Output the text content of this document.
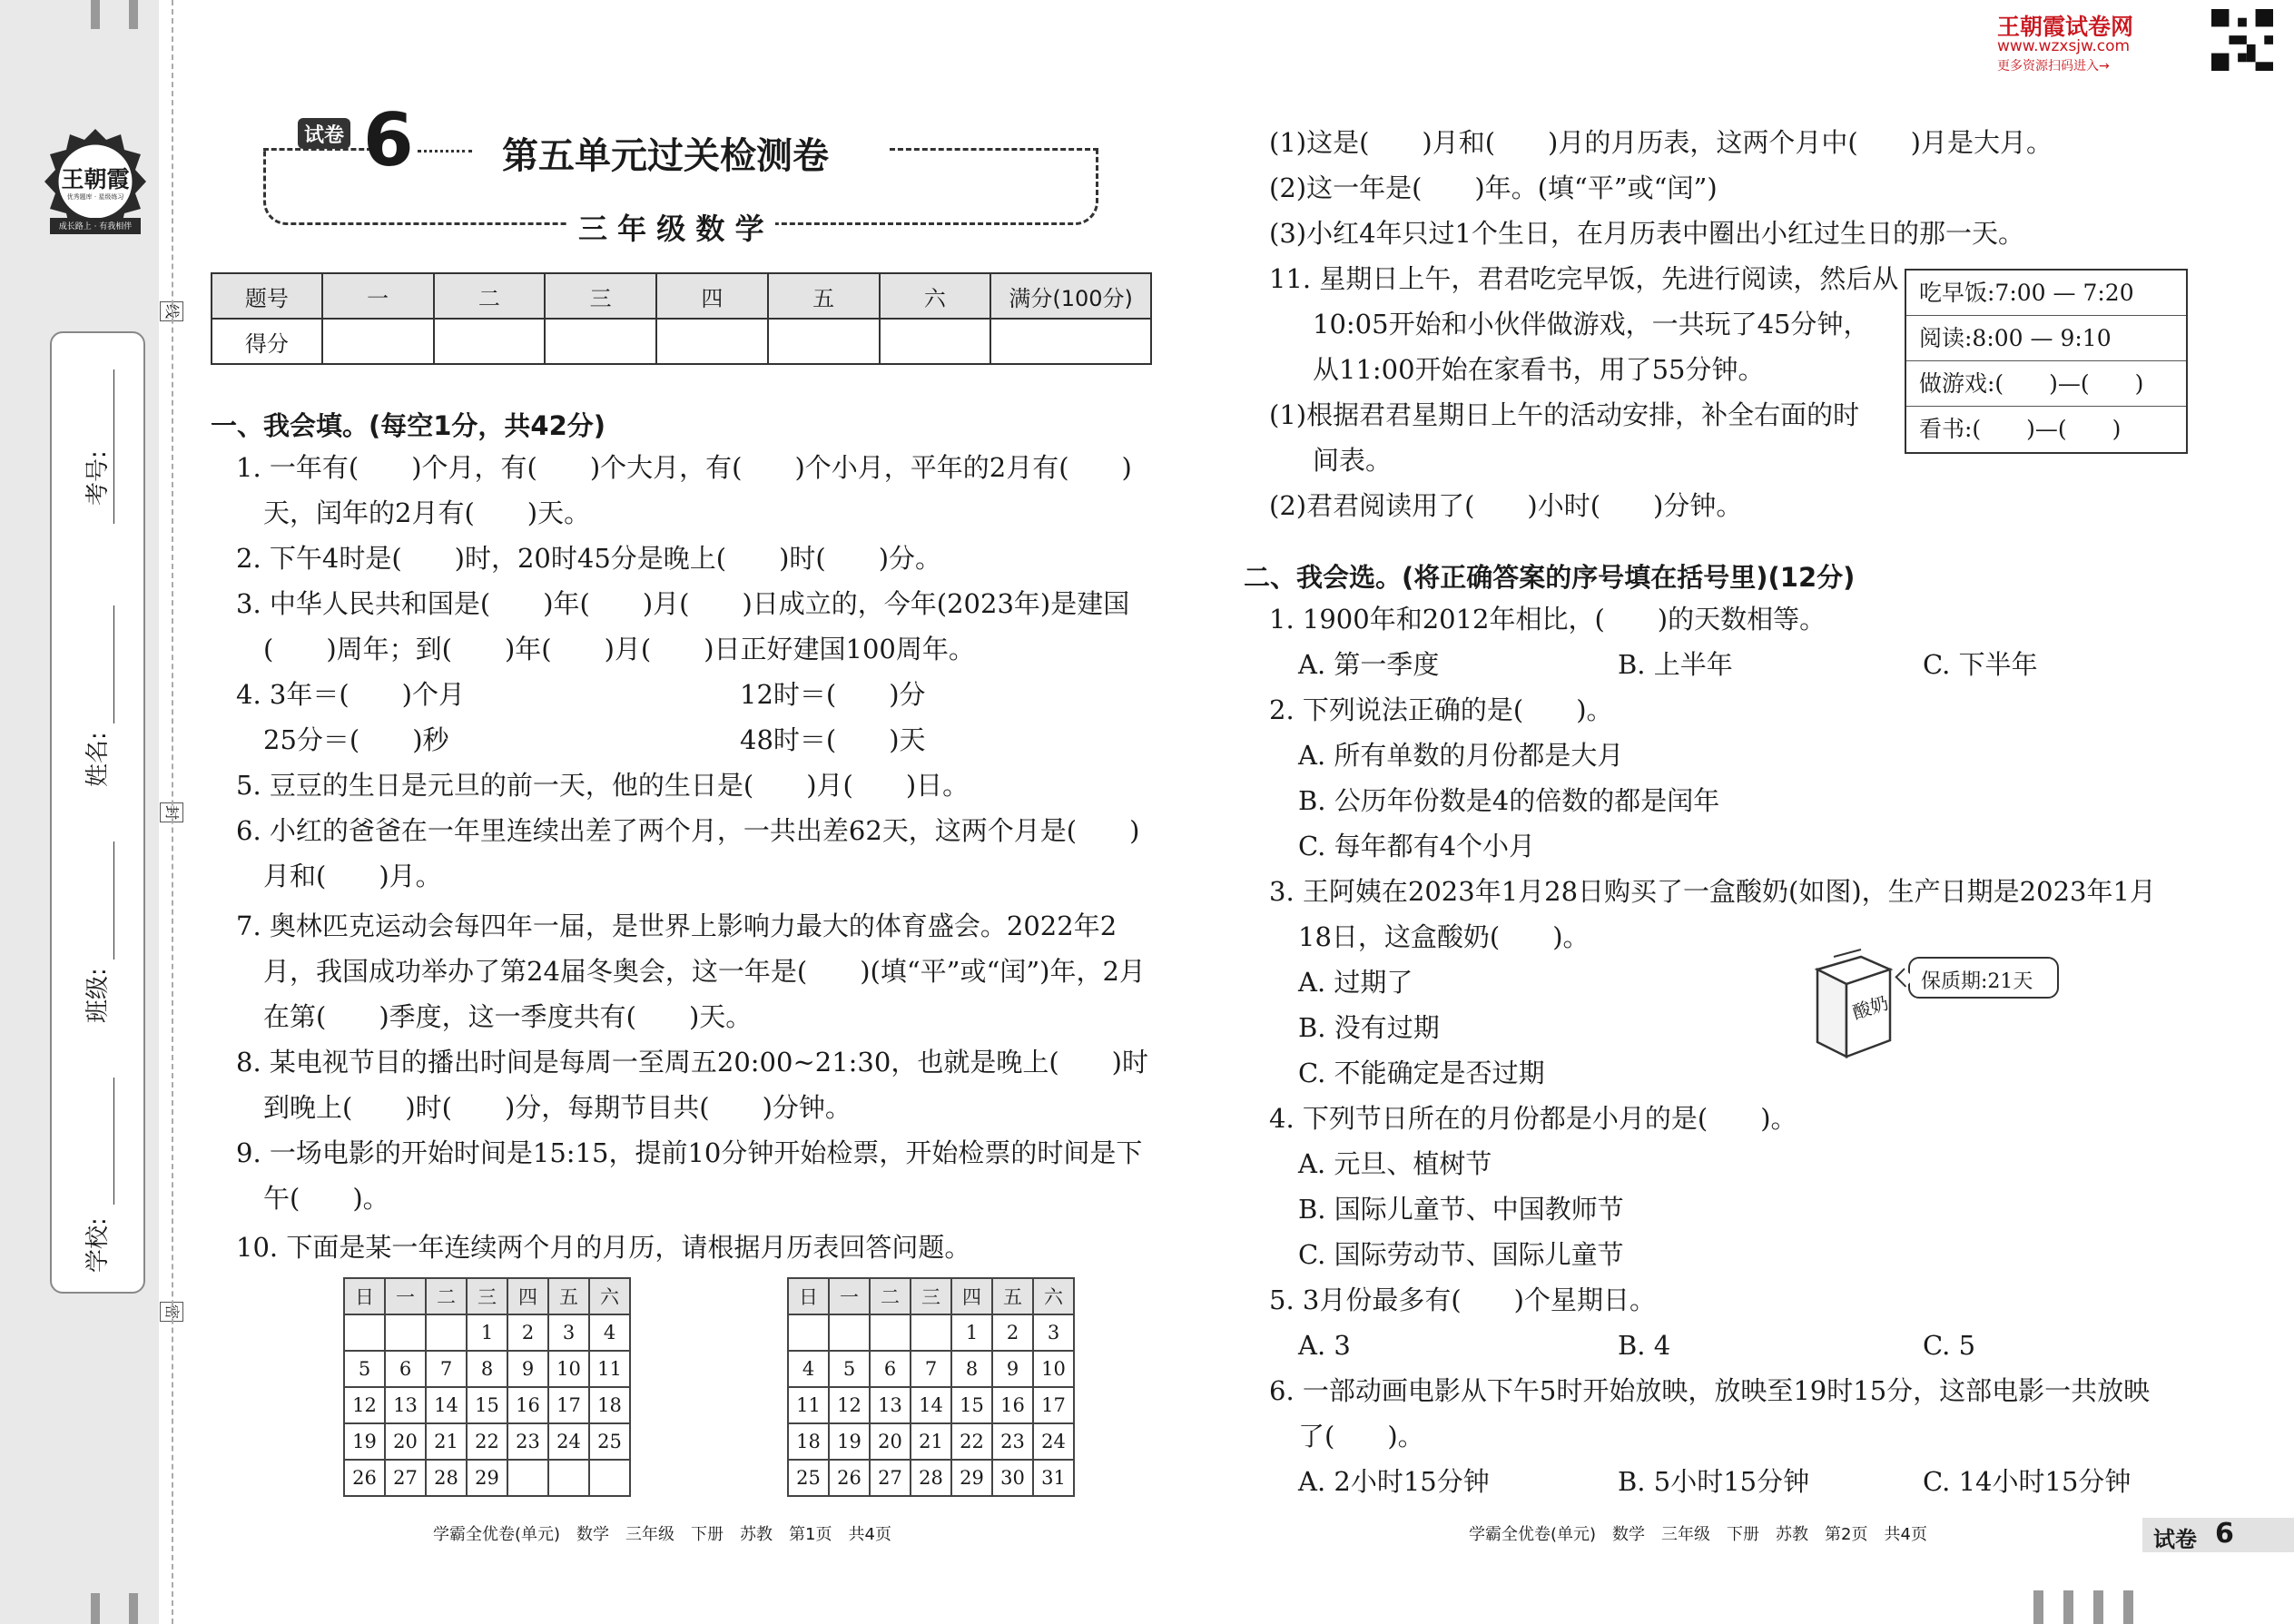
王朝霞
优秀题库 · 星级练习
成长路上 · 有我相伴
线
封
密
考号:
姓名:
班级:
学校:
试卷 6 第五单元过关检测卷
三 年 级 数 学
题号	一	二	三	四	五	六	满分(100分)
得分							
一、我会填。(每空1分，共42分)
1. 一年有(　　)个月，有(　　)个大月，有(　　)个小月，平年的2月有(　　)
天，闰年的2月有(　　)天。
2. 下午4时是(　　)时，20时45分是晚上(　　)时(　　)分。
3. 中华人民共和国是(　　)年(　　)月(　　)日成立的，今年(2023年)是建国
(　　)周年；到(　　)年(　　)月(　　)日正好建国100周年。
4. 3年＝(　　)个月	12时＝(　　)分
25分＝(　　)秒	48时＝(　　)天
5. 豆豆的生日是元旦的前一天，他的生日是(　　)月(　　)日。
6. 小红的爸爸在一年里连续出差了两个月，一共出差62天，这两个月是(　　)
月和(　　)月。
7. 奥林匹克运动会每四年一届，是世界上影响力最大的体育盛会。2022年2
月，我国成功举办了第24届冬奥会，这一年是(　　)(填“平”或“闰”)年，2月
在第(　　)季度，这一季度共有(　　)天。
8. 某电视节目的播出时间是每周一至周五20:00~21:30，也就是晚上(　　)时
到晚上(　　)时(　　)分，每期节目共(　　)分钟。
9. 一场电影的开始时间是15:15，提前10分钟开始检票，开始检票的时间是下
午(　　)。
10. 下面是某一年连续两个月的月历，请根据月历表回答问题。
日	一	二	三	四	五	六
			1	2	3	4
5	6	7	8	9	10	11
12	13	14	15	16	17	18
19	20	21	22	23	24	25
26	27	28	29			
日	一	二	三	四	五	六
				1	2	3
4	5	6	7	8	9	10
11	12	13	14	15	16	17
18	19	20	21	22	23	24
25	26	27	28	29	30	31
学霸全优卷(单元)　数学　三年级　下册　苏教　第1页　共4页
王朝霞试卷网
www.wzxsjw.com
更多资源扫码进入→
(1)这是(　　)月和(　　)月的月历表，这两个月中(　　)月是大月。
(2)这一年是(　　)年。(填“平”或“闰”)
(3)小红4年只过1个生日，在月历表中圈出小红过生日的那一天。
11. 星期日上午，君君吃完早饭，先进行阅读，然后从
10:05开始和小伙伴做游戏，一共玩了45分钟，
从11:00开始在家看书，用了55分钟。
(1)根据君君星期日上午的活动安排，补全右面的时
间表。
(2)君君阅读用了(　　)小时(　　)分钟。
吃早饭:7:00 — 7:20
阅读:8:00 — 9:10
做游戏:(　　)—(　　)
看书:(　　)—(　　)
二、我会选。(将正确答案的序号填在括号里)(12分)
1. 1900年和2012年相比，(　　)的天数相等。
A. 第一季度	B. 上半年	C. 下半年
2. 下列说法正确的是(　　)。
A. 所有单数的月份都是大月
B. 公历年份数是4的倍数的都是闰年
C. 每年都有4个小月
3. 王阿姨在2023年1月28日购买了一盒酸奶(如图)，生产日期是2023年1月
18日，这盒酸奶(　　)。
A. 过期了
B. 没有过期
C. 不能确定是否过期
4. 下列节日所在的月份都是小月的是(　　)。
A. 元旦、植树节
B. 国际儿童节、中国教师节
C. 国际劳动节、国际儿童节
5. 3月份最多有(　　)个星期日。
A. 3	B. 4	C. 5
6. 一部动画电影从下午5时开始放映，放映至19时15分，这部电影一共放映
了(　　)。
A. 2小时15分钟	B. 5小时15分钟	C. 14小时15分钟
酸奶
保质期:21天
学霸全优卷(单元)　数学　三年级　下册　苏教　第2页　共4页	试卷 6
